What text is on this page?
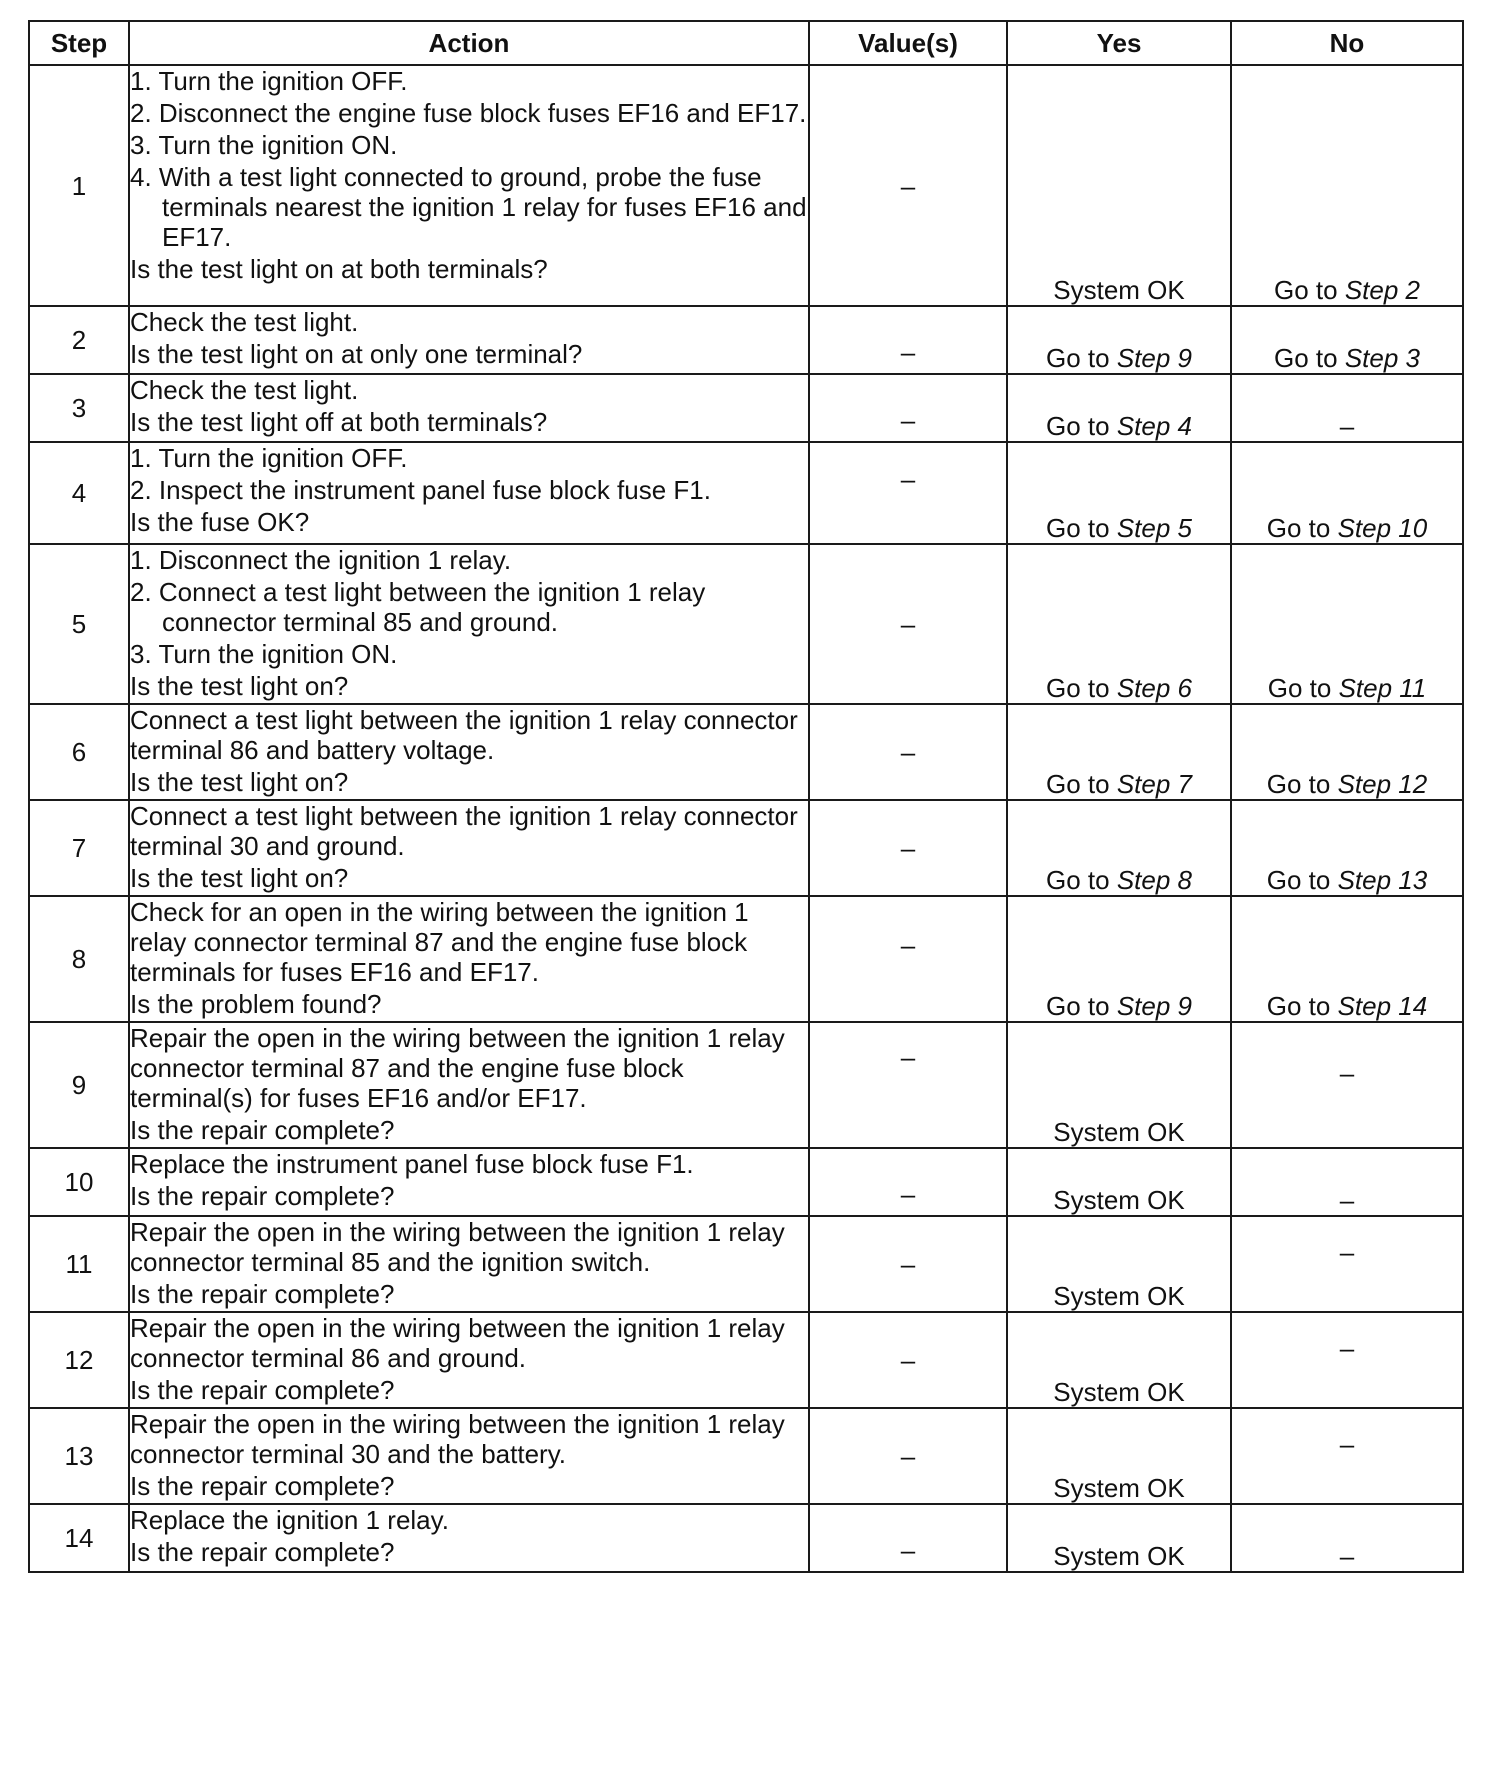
Step	Action	Value(s)	Yes	No
1	1. Turn the ignition OFF.
2. Disconnect the engine fuse block fuses EF16 and EF17.
3. Turn the ignition ON.
4. With a test light connected to ground, probe the fuse terminals nearest the ignition 1 relay for fuses EF16 and EF17.
Is the test light on at both terminals?	–	System OK	Go to Step 2
2	Check the test light.
Is the test light on at only one terminal?	–	Go to Step 9	Go to Step 3
3	Check the test light.
Is the test light off at both terminals?	–	Go to Step 4	–
4	1. Turn the ignition OFF.
2. Inspect the instrument panel fuse block fuse F1.
Is the fuse OK?	–	Go to Step 5	Go to Step 10
5	1. Disconnect the ignition 1 relay.
2. Connect a test light between the ignition 1 relay connector terminal 85 and ground.
3. Turn the ignition ON.
Is the test light on?	–	Go to Step 6	Go to Step 11
6	Connect a test light between the ignition 1 relay connector terminal 86 and battery voltage.
Is the test light on?	–	Go to Step 7	Go to Step 12
7	Connect a test light between the ignition 1 relay connector terminal 30 and ground.
Is the test light on?	–	Go to Step 8	Go to Step 13
8	Check for an open in the wiring between the ignition 1 relay connector terminal 87 and the engine fuse block terminals for fuses EF16 and EF17.
Is the problem found?	–	Go to Step 9	Go to Step 14
9	Repair the open in the wiring between the ignition 1 relay connector terminal 87 and the engine fuse block terminal(s) for fuses EF16 and/or EF17.
Is the repair complete?	–	System OK	–
10	Replace the instrument panel fuse block fuse F1.
Is the repair complete?	–	System OK	–
11	Repair the open in the wiring between the ignition 1 relay connector terminal 85 and the ignition switch.
Is the repair complete?	–	System OK	–
12	Repair the open in the wiring between the ignition 1 relay connector terminal 86 and ground.
Is the repair complete?	–	System OK	–
13	Repair the open in the wiring between the ignition 1 relay connector terminal 30 and the battery.
Is the repair complete?	–	System OK	–
14	Replace the ignition 1 relay.
Is the repair complete?	–	System OK	–
